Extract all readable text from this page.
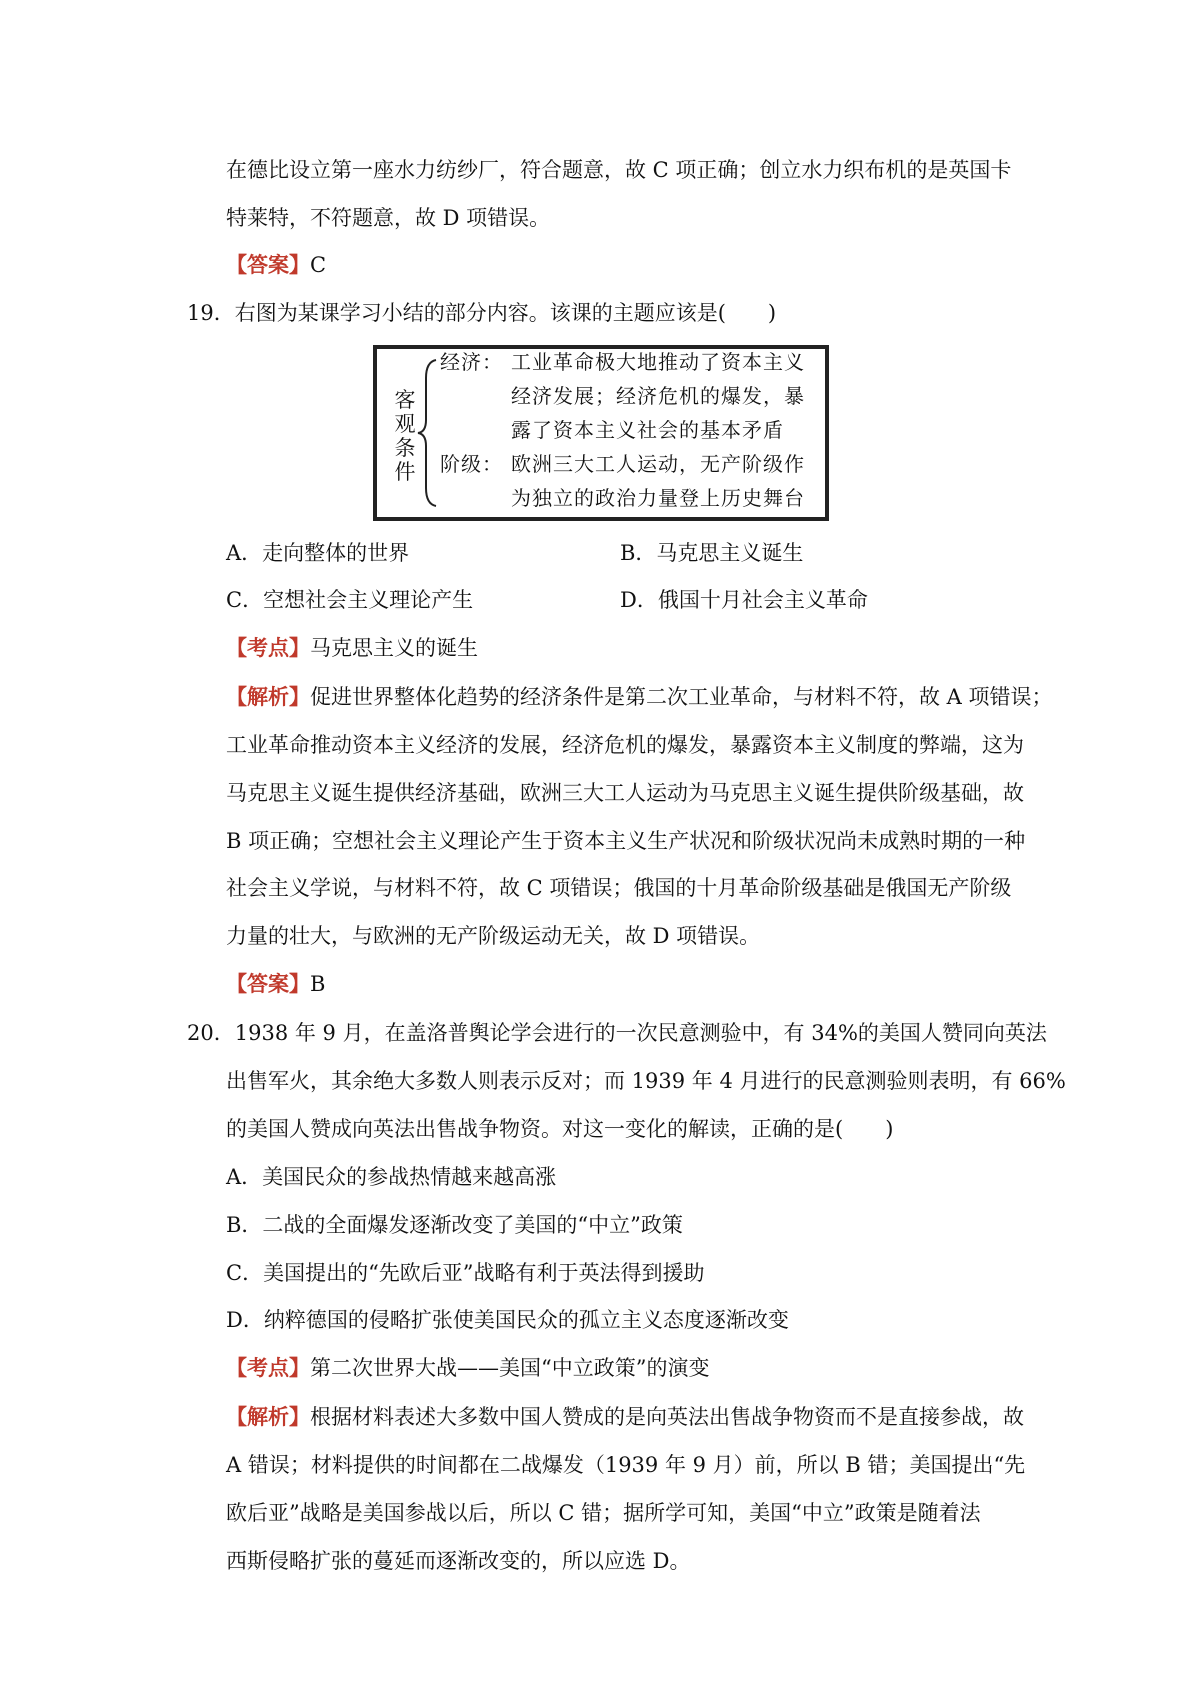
在德比设立第一座水力纺纱厂，符合题意，故 C 项正确；创立水力织布机的是英国卡
特莱特，不符题意，故 D 项错误。
【答案】C
19．右图为某课学习小结的部分内容。该课的主题应该是(　　)
客观条件
经济： 工业革命极大地推动了资本主义
经济发展；经济危机的爆发，暴
露了资本主义社会的基本矛盾
阶级： 欧洲三大工人运动，无产阶级作
为独立的政治力量登上历史舞台
A．走向整体的世界	B．马克思主义诞生
C．空想社会主义理论产生	D．俄国十月社会主义革命
【考点】马克思主义的诞生
【解析】促进世界整体化趋势的经济条件是第二次工业革命，与材料不符，故 A 项错误；
工业革命推动资本主义经济的发展，经济危机的爆发，暴露资本主义制度的弊端，这为
马克思主义诞生提供经济基础，欧洲三大工人运动为马克思主义诞生提供阶级基础，故
B 项正确；空想社会主义理论产生于资本主义生产状况和阶级状况尚未成熟时期的一种
社会主义学说，与材料不符，故 C 项错误；俄国的十月革命阶级基础是俄国无产阶级
力量的壮大，与欧洲的无产阶级运动无关，故 D 项错误。
【答案】B
20．1938 年 9 月，在盖洛普舆论学会进行的一次民意测验中，有 34%的美国人赞同向英法
出售军火，其余绝大多数人则表示反对；而 1939 年 4 月进行的民意测验则表明，有 66%
的美国人赞成向英法出售战争物资。对这一变化的解读，正确的是(　　)
A．美国民众的参战热情越来越高涨
B．二战的全面爆发逐渐改变了美国的“中立”政策
C．美国提出的“先欧后亚”战略有利于英法得到援助
D．纳粹德国的侵略扩张使美国民众的孤立主义态度逐渐改变
【考点】第二次世界大战——美国“中立政策”的演变
【解析】根据材料表述大多数中国人赞成的是向英法出售战争物资而不是直接参战，故
A 错误；材料提供的时间都在二战爆发（1939 年 9 月）前，所以 B 错；美国提出“先
欧后亚”战略是美国参战以后，所以 C 错；据所学可知，美国“中立”政策是随着法
西斯侵略扩张的蔓延而逐渐改变的，所以应选 D。
